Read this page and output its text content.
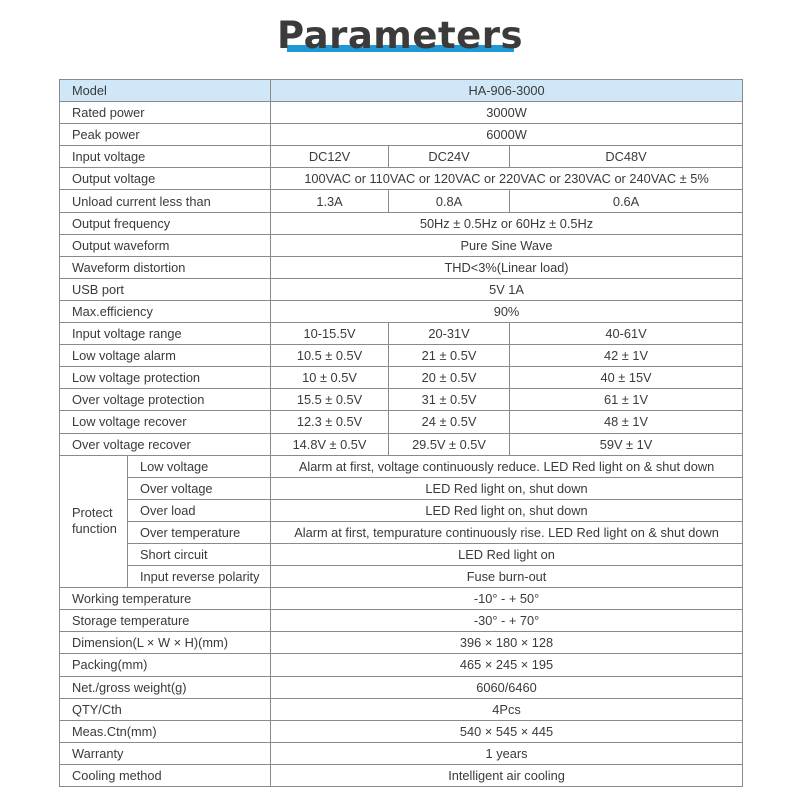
Parameters
Model		HA-906-3000		
Rated power		3000W		
Peak power		6000W		
Input voltage		DC12V	DC24V	DC48V
Output voltage		100VAC or 110VAC or 120VAC or 220VAC or 230VAC or 240VAC ± 5%		
Unload current less than		1.3A	0.8A	0.6A
Output frequency		50Hz ± 0.5Hz or 60Hz ± 0.5Hz		
Output waveform		Pure Sine Wave		
Waveform distortion		THD<3%(Linear load)		
USB port		5V 1A		
Max.efficiency		90%		
Input voltage range		10-15.5V	20-31V	40-61V
Low voltage alarm		10.5 ± 0.5V	21 ± 0.5V	42 ± 1V
Low voltage protection		10 ± 0.5V	20 ± 0.5V	40 ± 15V
Over voltage protection		15.5 ± 0.5V	31 ± 0.5V	61 ± 1V
Low voltage recover		12.3 ± 0.5V	24 ± 0.5V	48 ± 1V
Over voltage recover		14.8V ± 0.5V	29.5V ± 0.5V	59V ± 1V
Protect function	Low voltage	Alarm at first, voltage continuously reduce. LED Red light on & shut down		
	Over voltage	LED Red light on, shut down		
	Over load	LED Red light on, shut down		
	Over temperature	Alarm at first, tempurature continuously rise. LED Red light on & shut down		
	Short circuit	LED Red light on		
	Input reverse polarity	Fuse burn-out		
Working temperature		-10° - + 50°		
Storage temperature		-30° - + 70°		
Dimension(L × W × H)(mm)		396 × 180 × 128		
Packing(mm)		465 × 245 × 195		
Net./gross weight(g)		6060/6460		
QTY/Cth		4Pcs		
Meas.Ctn(mm)		540 × 545 × 445		
Warranty		1 years		
Cooling method		Intelligent air cooling		
